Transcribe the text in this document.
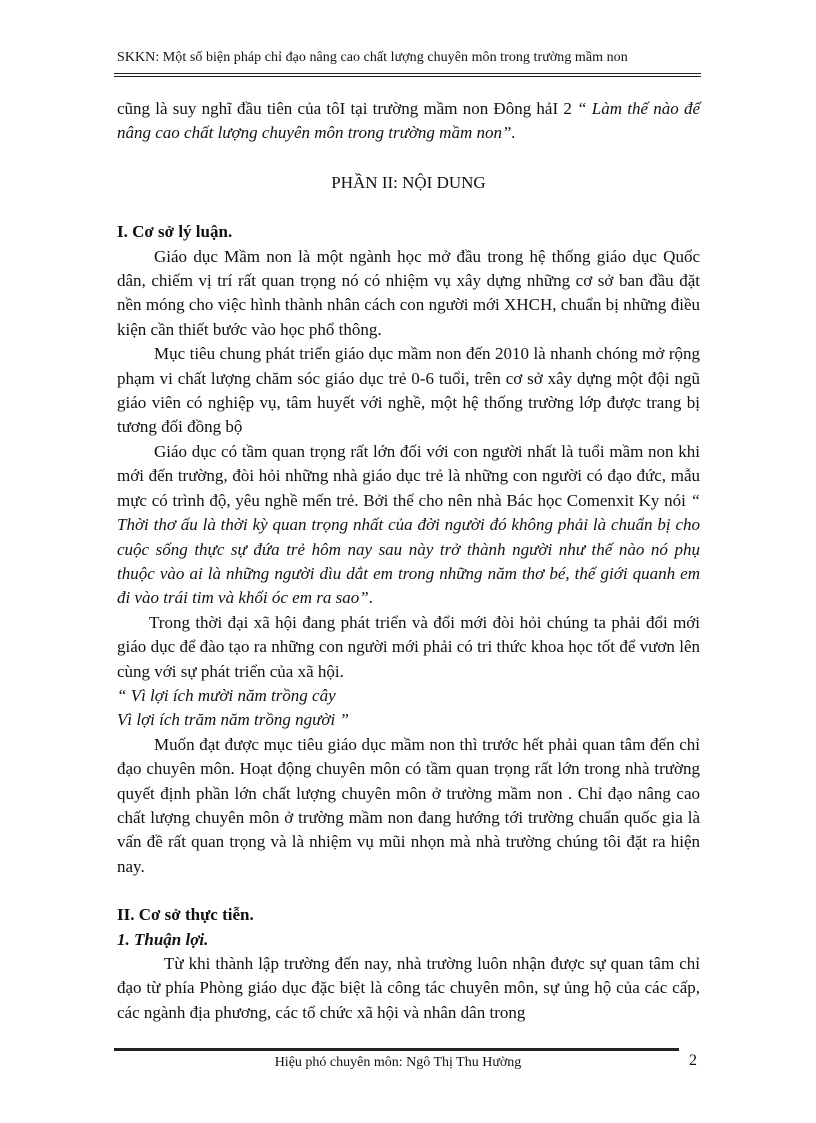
SKKN: Một số biện pháp chỉ đạo nâng cao chất lượng chuyên môn trong trường mầm non

cũng là suy nghĩ đầu tiên của tôI tại trường mầm non Đông hảI 2 “ Làm thế nào để nâng cao chất lượng chuyên môn trong trường mầm non”.

PHẦN II: NỘI DUNG
I. Cơ sở lý luận.

Giáo dục Mầm non là một ngành học mở đầu trong hệ thống giáo dục Quốc dân, chiếm vị trí rất quan trọng nó có nhiệm vụ xây dựng những cơ sở ban đầu đặt nền móng cho việc hình thành nhân cách con người mới XHCH, chuẩn bị những điều kiện cần thiết bước vào học phổ thông.

Mục tiêu chung phát triển giáo dục mầm non đến 2010 là nhanh chóng mở rộng phạm vi chất lượng chăm sóc giáo dục trẻ 0-6 tuổi, trên cơ sở xây dựng một đội ngũ giáo viên có nghiệp vụ, tâm huyết với nghề, một hệ thống trường lớp được trang bị tương đối đồng bộ

Giáo dục có tầm quan trọng rất lớn đối với con người nhất là tuổi mầm non khi mới đến trường, đòi hỏi những nhà giáo dục trẻ là những con người có đạo đức, mẫu mực có trình độ, yêu nghề mến trẻ. Bởi thế cho nên nhà Bác học Comenxit Ky nói “ Thời thơ ấu là thời kỳ quan trọng nhất của đời người đó không phải là chuẩn bị cho cuộc sống thực sự đứa trẻ hôm nay sau này trở thành người như thế nào nó phụ thuộc vào ai là những người dìu dắt em trong những năm thơ bé, thế giới quanh em đi vào trái tim và khối óc em ra sao”.

Trong thời đại xã hội đang phát triển và đổi mới đòi hỏi chúng ta phải đổi mới giáo dục để đào tạo ra những con người mới phải có tri thức khoa học tốt để vươn lên cùng với sự phát triển của xã hội.

“ Vì lợi ích mười năm trồng cây

Vì lợi ích trăm năm trồng người ”

Muốn đạt được mục tiêu giáo dục mầm non thì trước hết phải quan tâm đến chỉ đạo chuyên môn. Hoạt động chuyên môn có tầm quan trọng rất lớn trong nhà trường quyết định phần lớn chất lượng chuyên môn ở trường mầm non . Chỉ đạo nâng cao chất lượng chuyên môn ở trường mầm non đang hướng tới trường chuẩn quốc gia là vấn đề rất quan trọng và là nhiệm vụ mũi nhọn mà nhà trường chúng tôi đặt ra hiện nay.

II. Cơ sở thực tiễn.
1. Thuận lợi.

Từ khi thành lập trường đến nay, nhà trường luôn nhận được sự quan tâm chỉ đạo từ phía Phòng giáo dục đặc biệt là công tác chuyên môn, sự ủng hộ của các cấp, các ngành địa phương, các tổ chức xã hội và nhân dân trong

Hiệu phó chuyên môn: Ngô Thị Thu Hường	2
